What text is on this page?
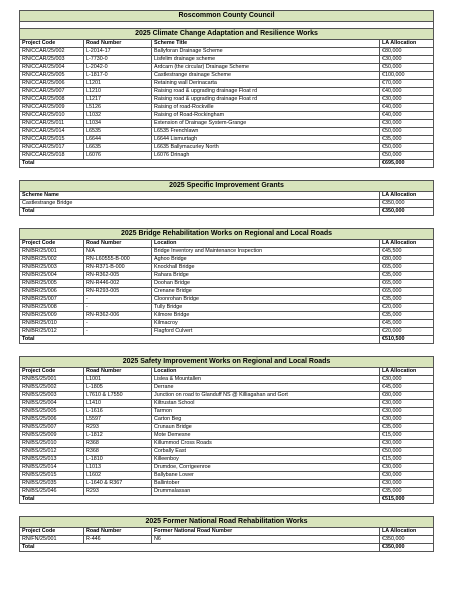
Roscommon County Council			

2025 Climate Change Adaptation and Resilience Works			
Project Code	Road Number	Scheme Title	LA Allocation
RN/CCAR/25/002	L-2014-17	Ballyforan Drainage Scheme	€80,000
RN/CCAR/25/003	L-7730-0	Lisfelim drainage scheme	€30,000
RN/CCAR/25/004	L-2042-0	Ardcarn (the circular) Drainage Scheme	€50,000
RN/CCAR/25/005	L-1817-0	Castlestrange drainage Scheme	€100,000
RN/CCAR/25/006	L1201	Retaining wall Derinacarta	€70,000
RN/CCAR/25/007	L1210	Raising road & upgrading drainage Float rd	€40,000
RN/CCAR/25/008	L1217	Raising road & upgrading drainage Float rd	€30,000
RN/CCAR/25/009	L5126	Raising of road-Rockville	€40,000
RN/CCAR/25/010	L1032	Raising of Road-Rockingham	€40,000
RN/CCAR/25/011	L1034	Extension of Drainage System-Grange	€30,000
RN/CCAR/25/014	L6535	L6535 Frenchlawn	€50,000
RN/CCAR/25/015	L6644	L6644 Lismurtagh	€35,000
RN/CCAR/25/017	L6635	L6635 Ballymacurley North	€50,000
RN/CCAR/25/018	L6076	L6076 Drinagh	€50,000
Total			€695,000
2025 Specific Improvement Grants	
Scheme Name	LA Allocation
Castlestrange Bridge	€350,000
Total	€350,000
2025 Bridge Rehabilitation Works on Regional and Local Roads			
Project Code	Road Number	Location	LA Allocation
RN/BR/25/001	N/A	Bridge Inventory and Maintenance Inspection	€45,500
RN/BR/25/002	RN-L60555-B-000	Aghoo Bridge	€80,000
RN/BR/25/003	RN-R371-B-000	Knockhall Bridge	€65,000
RN/BR/25/004	RN-R362-005	Rahara Bridge	€35,000
RN/BR/25/005	RN-R446-002	Doohan Bridge	€65,000
RN/BR/25/006	RN-R293-005	Crenane Bridge	€65,000
RN/BR/25/007	-	Cloonrohan Bridge	€35,000
RN/BR/25/008	-	Tully Bridge	€20,000
RN/BR/25/009	RN-R362-006	Kilmore Bridge	€35,000
RN/BR/25/010	-	Kilmacroy	€45,000
RN/BR/25/012	-	Flagford Culvert	€20,000
Total			€510,500
2025 Safety Improvement Works on Regional and Local Roads			
Project Code	Road Number	Location	LA Allocation
RN/BS/25/001	L1001	Lislea & Mountallen	€30,000
RN/BS/25/002	L-1805	Derrane	€45,000
RN/BS/25/003	L7610 & L7550	Junction on road to Glanduff NS @ Killiagahan and Gort	€80,000
RN/BS/25/004	L1410	Kiltrustan School	€30,000
RN/BS/25/005	L-1616	Tarmon	€30,000
RN/BS/25/006	L5597	Carton Beg	€30,000
RN/BS/25/007	R293	Crunaun Bridge	€35,000
RN/BS/25/009	L-1812	Mote Demesne	€15,000
RN/BS/25/010	R368	Killummod Cross Roads	€30,000
RN/BS/25/012	R368	Corbally East	€50,000
RN/BS/25/013	L-1810	Killeenboy	€15,000
RN/BS/25/014	L1013	Drumdoe, Corrigeenroe	€30,000
RN/BS/25/015	L1602	Ballybane Lower	€30,000
RN/BS/25/035	L-1640 & R367	Ballintober	€30,000
RN/BS/25/046	R293	Drummalassan	€35,000
Total			€515,000
2025 Former National Road Rehabilitation Works			
Project Code	Road Number	Former National Road Number	LA Allocation
RN/FN/25/001	R-446	N6	€350,000
Total			€350,000
